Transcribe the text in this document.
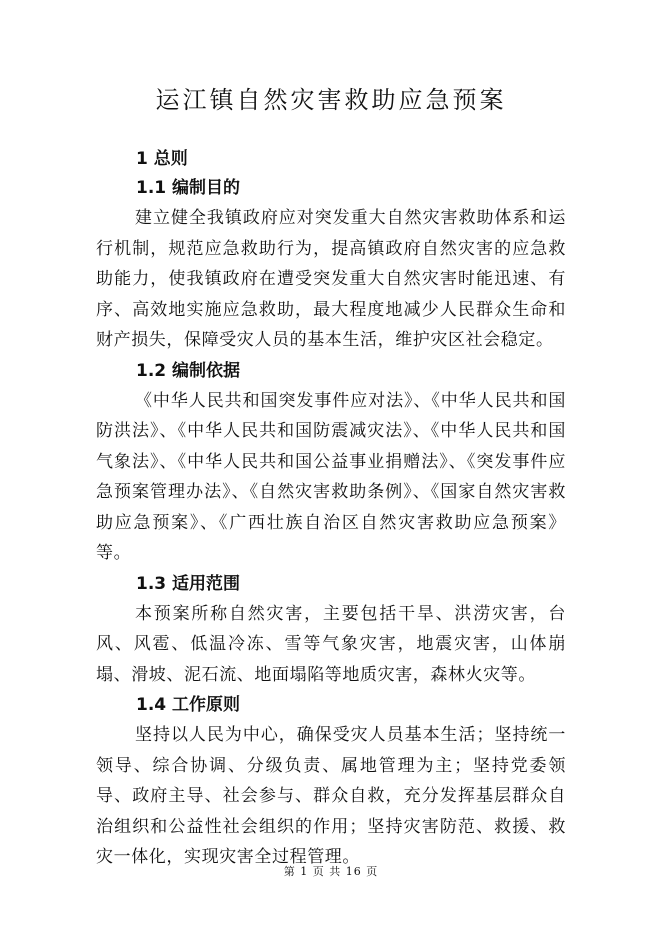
运江镇自然灾害救助应急预案

1 总则

1.1 编制目的

建立健全我镇政府应对突发重大自然灾害救助体系和运行机制，规范应急救助行为，提高镇政府自然灾害的应急救助能力，使我镇政府在遭受突发重大自然灾害时能迅速、有序、高效地实施应急救助，最大程度地减少人民群众生命和财产损失，保障受灾人员的基本生活，维护灾区社会稳定。

1.2 编制依据

《中华人民共和国突发事件应对法》、《中华人民共和国防洪法》、《中华人民共和国防震减灾法》、《中华人民共和国气象法》、《中华人民共和国公益事业捐赠法》、《突发事件应急预案管理办法》、《自然灾害救助条例》、《国家自然灾害救助应急预案》、《广西壮族自治区自然灾害救助应急预案》等。

1.3 适用范围

本预案所称自然灾害，主要包括干旱、洪涝灾害，台风、风雹、低温冷冻、雪等气象灾害，地震灾害，山体崩塌、滑坡、泥石流、地面塌陷等地质灾害，森林火灾等。

1.4 工作原则

坚持以人民为中心，确保受灾人员基本生活；坚持统一领导、综合协调、分级负责、属地管理为主；坚持党委领导、政府主导、社会参与、群众自救，充分发挥基层群众自治组织和公益性社会组织的作用；坚持灾害防范、救援、救灾一体化，实现灾害全过程管理。

第 1 页 共 16 页
